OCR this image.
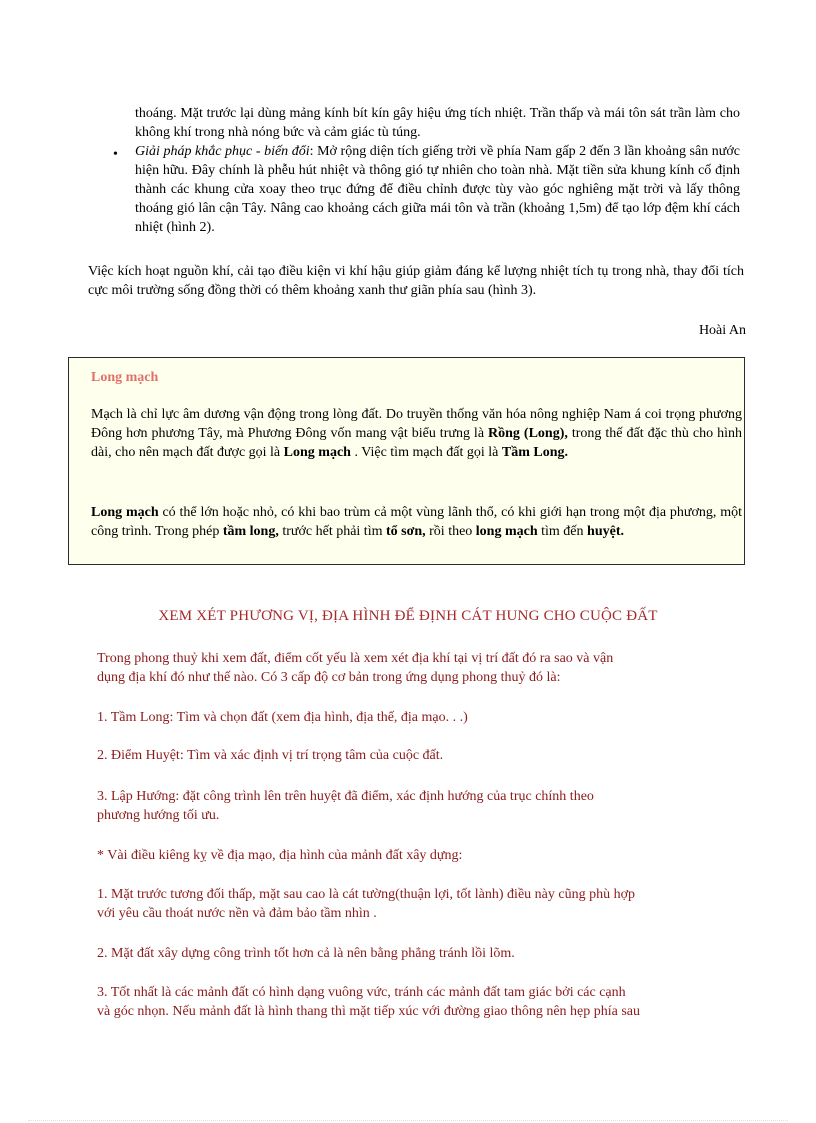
thoáng. Mặt trước lại dùng mảng kính bít kín gây hiệu ứng tích nhiệt. Trần thấp và mái tôn sát trần làm cho không khí trong nhà nóng bức và cảm giác tù túng.

• Giải pháp khắc phục - biến đổi: Mở rộng diện tích giếng trời về phía Nam gấp 2 đến 3 lần khoảng sân nước hiện hữu. Đây chính là phễu hút nhiệt và thông gió tự nhiên cho toàn nhà. Mặt tiền sửa khung kính cố định thành các khung cửa xoay theo trục đứng để điều chỉnh được tùy vào góc nghiêng mặt trời và lấy thông thoáng gió lân cận Tây. Nâng cao khoảng cách giữa mái tôn và trần (khoảng 1,5m) để tạo lớp đệm khí cách nhiệt (hình 2).

Việc kích hoạt nguồn khí, cải tạo điều kiện vi khí hậu giúp giảm đáng kể lượng nhiệt tích tụ trong nhà, thay đổi tích cực môi trường sống đồng thời có thêm khoảng xanh thư giãn phía sau (hình 3).

Hoài An
Long mạch

Mạch là chỉ lực âm dương vận động trong lòng đất. Do truyền thống văn hóa nông nghiệp Nam á coi trọng phương Đông hơn phương Tây, mà Phương Đông vốn mang vật biểu trưng là Rồng (Long), trong thế đất đặc thù cho hình dài, cho nên mạch đất được gọi là Long mạch . Việc tìm mạch đất gọi là Tầm Long.

Long mạch có thể lớn hoặc nhỏ, có khi bao trùm cả một vùng lãnh thổ, có khi giới hạn trong một địa phương, một công trình. Trong phép tầm long, trước hết phải tìm tổ sơn, rồi theo long mạch tìm đến huyệt.

XEM XÉT PHƯƠNG VỊ, ĐỊA HÌNH ĐỂ ĐỊNH CÁT HUNG CHO CUỘC ĐẤT
Trong phong thuỷ khi xem đất, điểm cốt yếu là xem xét địa khí tại vị trí đất đó ra sao và vận
dụng địa khí đó như thế nào. Có 3 cấp độ cơ bản trong ứng dụng phong thuỷ đó là:
1. Tầm Long: Tìm và chọn đất (xem địa hình, địa thế, địa mạo. . .)
2. Điểm Huyệt: Tìm và xác định vị trí trọng tâm của cuộc đất.
3. Lập Hướng: đặt công trình lên trên huyệt đã điểm, xác định hướng của trục chính theo
phương hướng tối ưu.
* Vài điều kiêng kỵ về địa mạo, địa hình của mảnh đất xây dựng:
1. Mặt trước tương đối thấp, mặt sau cao là cát tường(thuận lợi, tốt lành) điều này cũng phù hợp
với yêu cầu thoát nước nền và đảm bảo tầm nhìn .
2. Mặt đất xây dựng công trình tốt hơn cả là nên bằng phẳng tránh lồi lõm.
3. Tốt nhất là các mảnh đất có hình dạng vuông vức, tránh các mảnh đất tam giác bởi các cạnh
và góc nhọn. Nếu mảnh đất là hình thang thì mặt tiếp xúc với đường giao thông nên hẹp phía sau
